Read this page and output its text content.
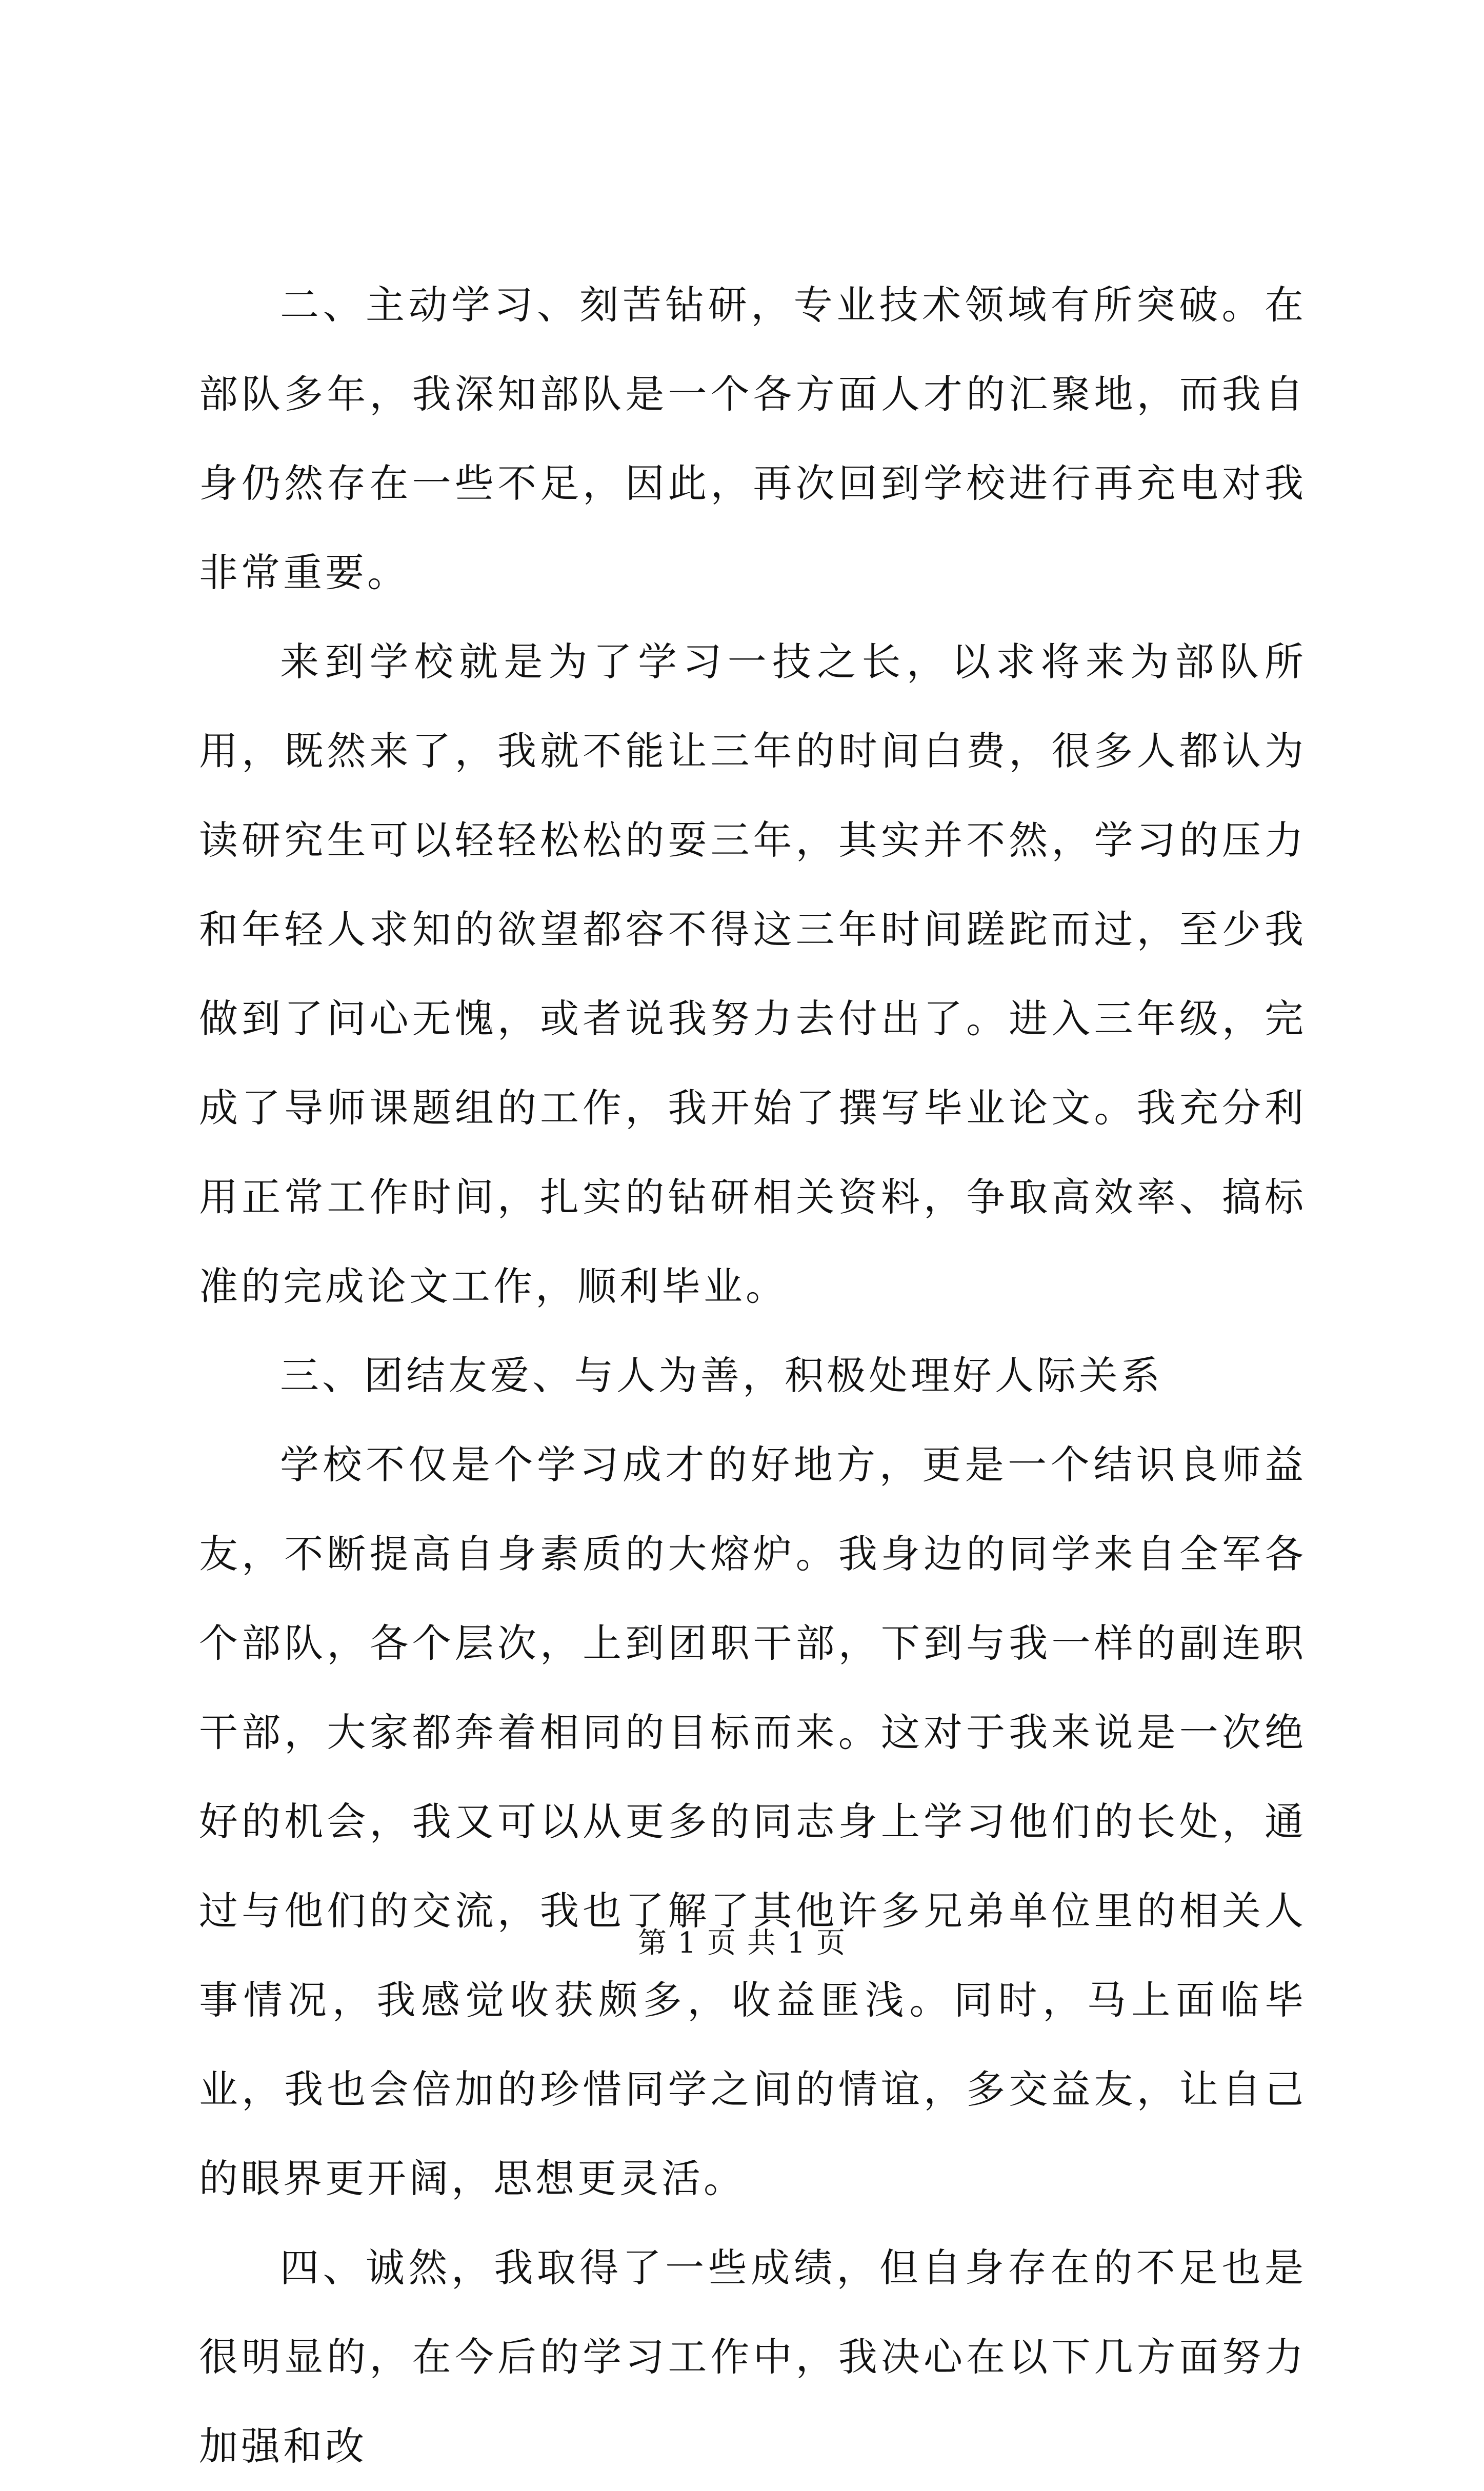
二、主动学习、刻苦钻研，专业技术领域有所突破。在部队多年，我深知部队是一个各方面人才的汇聚地，而我自身仍然存在一些不足，因此，再次回到学校进行再充电对我非常重要。

来到学校就是为了学习一技之长，以求将来为部队所用，既然来了，我就不能让三年的时间白费，很多人都认为读研究生可以轻轻松松的耍三年，其实并不然，学习的压力和年轻人求知的欲望都容不得这三年时间蹉跎而过，至少我做到了问心无愧，或者说我努力去付出了。进入三年级，完成了导师课题组的工作，我开始了撰写毕业论文。我充分利用正常工作时间，扎实的钻研相关资料，争取高效率、搞标准的完成论文工作，顺利毕业。

三、团结友爱、与人为善，积极处理好人际关系

学校不仅是个学习成才的好地方，更是一个结识良师益友，不断提高自身素质的大熔炉。我身边的同学来自全军各个部队，各个层次，上到团职干部，下到与我一样的副连职干部，大家都奔着相同的目标而来。这对于我来说是一次绝好的机会，我又可以从更多的同志身上学习他们的长处，通过与他们的交流，我也了解了其他许多兄弟单位里的相关人事情况，我感觉收获颇多，收益匪浅。同时，马上面临毕业，我也会倍加的珍惜同学之间的情谊，多交益友，让自己的眼界更开阔，思想更灵活。

四、诚然，我取得了一些成绩，但自身存在的不足也是很明显的，在今后的学习工作中，我决心在以下几方面努力加强和改

第 1 页 共 1 页
